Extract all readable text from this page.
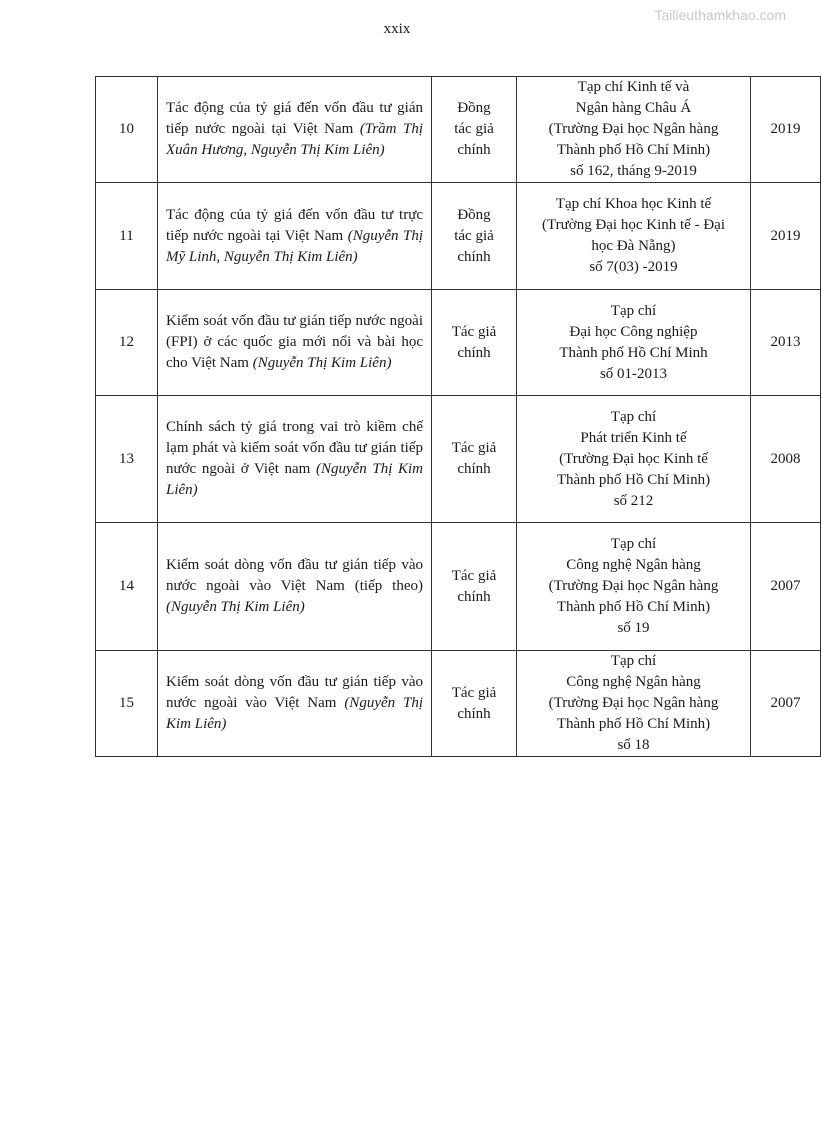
Tailieuthamkhao.com
xxix
10	Tác động của tỷ giá đến vốn đầu tư gián tiếp nước ngoài tại Việt Nam (Trầm Thị Xuân Hương, Nguyễn Thị Kim Liên)	Đồng
tác giả
chính	Tạp chí Kinh tế và
Ngân hàng Châu Á
(Trường Đại học Ngân hàng
Thành phố Hồ Chí Minh)
số 162, tháng 9-2019	2019
11	Tác động của tỷ giá đến vốn đầu tư trực tiếp nước ngoài tại Việt Nam (Nguyễn Thị Mỹ Linh, Nguyễn Thị Kim Liên)	Đồng
tác giả
chính	Tạp chí Khoa học Kinh tế
(Trường Đại học Kinh tế - Đại
học Đà Nẵng)
số 7(03) -2019	2019
12	Kiểm soát vốn đầu tư gián tiếp nước ngoài (FPI) ở các quốc gia mới nổi và bài học cho Việt Nam (Nguyễn Thị Kim Liên)	Tác giả
chính	Tạp chí
Đại học Công nghiệp
Thành phố Hồ Chí Minh
số 01-2013	2013
13	Chính sách tỷ giá trong vai trò kiềm chế lạm phát và kiểm soát vốn đầu tư gián tiếp nước ngoài ở Việt nam (Nguyễn Thị Kim Liên)	Tác giả
chính	Tạp chí
Phát triển Kinh tế
(Trường Đại học Kinh tế
Thành phố Hồ Chí Minh)
số 212	2008
14	Kiểm soát dòng vốn đầu tư gián tiếp vào nước ngoài vào Việt Nam (tiếp theo) (Nguyễn Thị Kim Liên)	Tác giả
chính	Tạp chí
Công nghệ Ngân hàng
(Trường Đại học Ngân hàng
Thành phố Hồ Chí Minh)
số 19	2007
15	Kiểm soát dòng vốn đầu tư gián tiếp vào nước ngoài vào Việt Nam (Nguyễn Thị Kim Liên)	Tác giả
chính	Tạp chí
Công nghệ Ngân hàng
(Trường Đại học Ngân hàng
Thành phố Hồ Chí Minh)
số 18	2007
